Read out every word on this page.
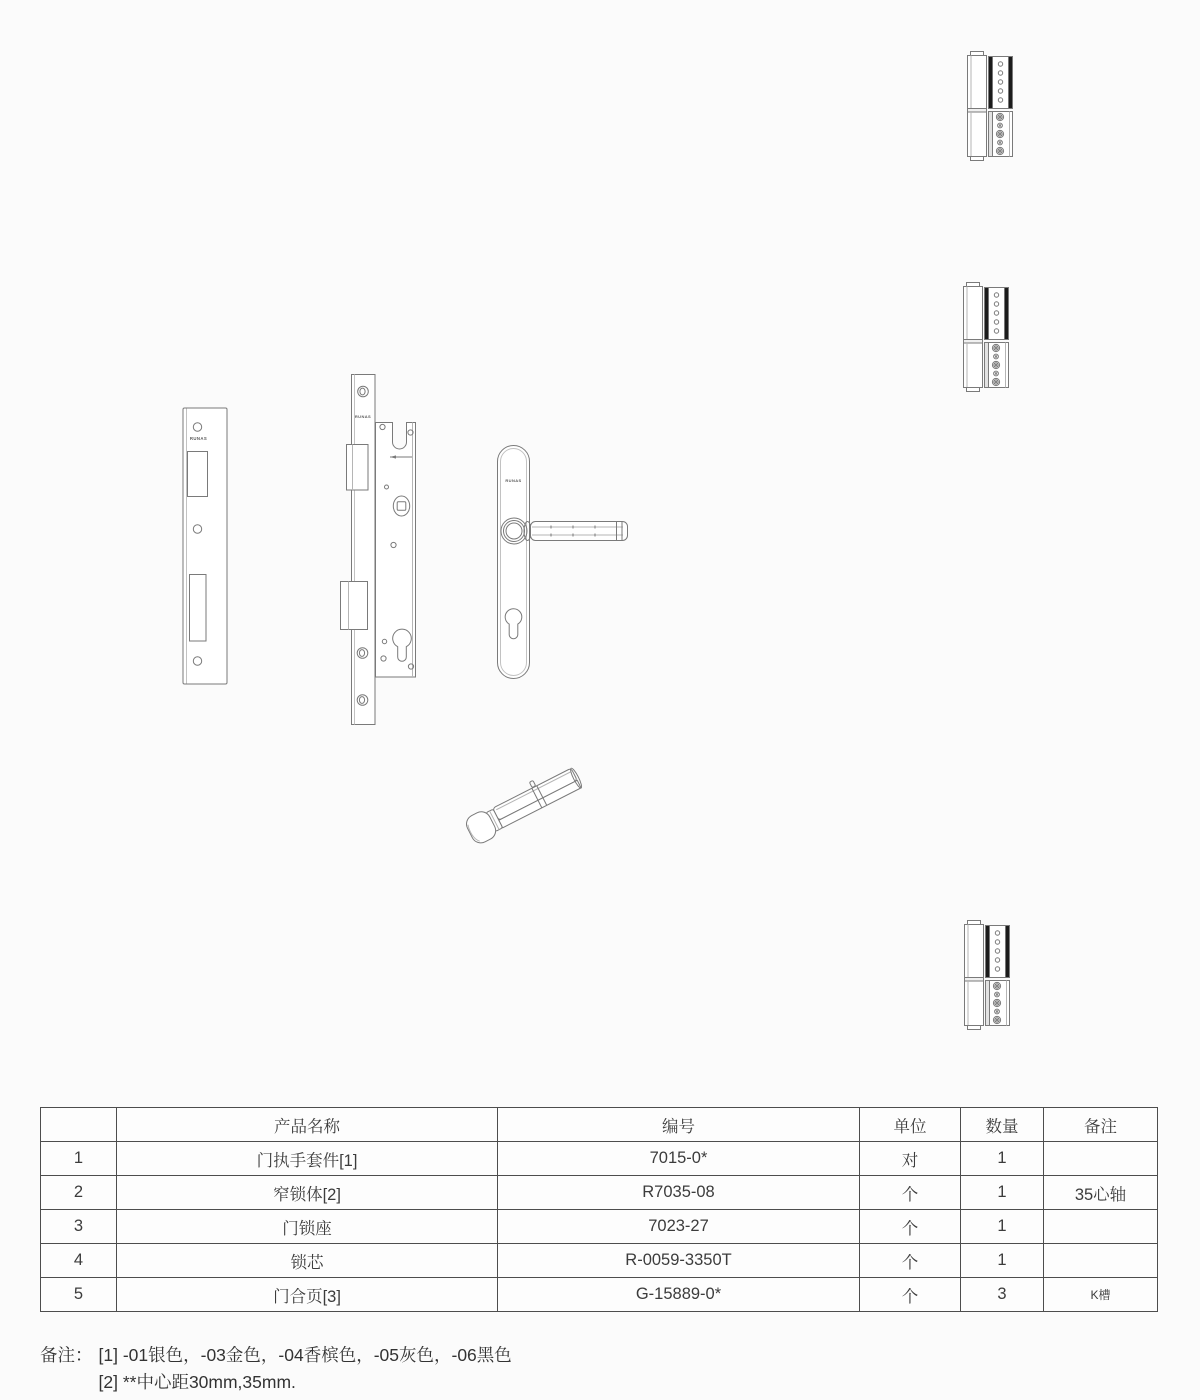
RUNAS
RUNAS
RUNAS
	产品名称	编号	单位	数量	备注
1	门执手套件[1]	7015-0*	对	1	
2	窄锁体[2]	R7035-08	个	1	35心轴
3	门锁座	7023-27	个	1	
4	锁芯	R-0059-3350T	个	1	
5	门合页[3]	G-15889-0*	个	3	K槽
备注： [1] -01银色，-03金色，-04香槟色，-05灰色，-06黑色
[2] **中心距30mm,35mm.
